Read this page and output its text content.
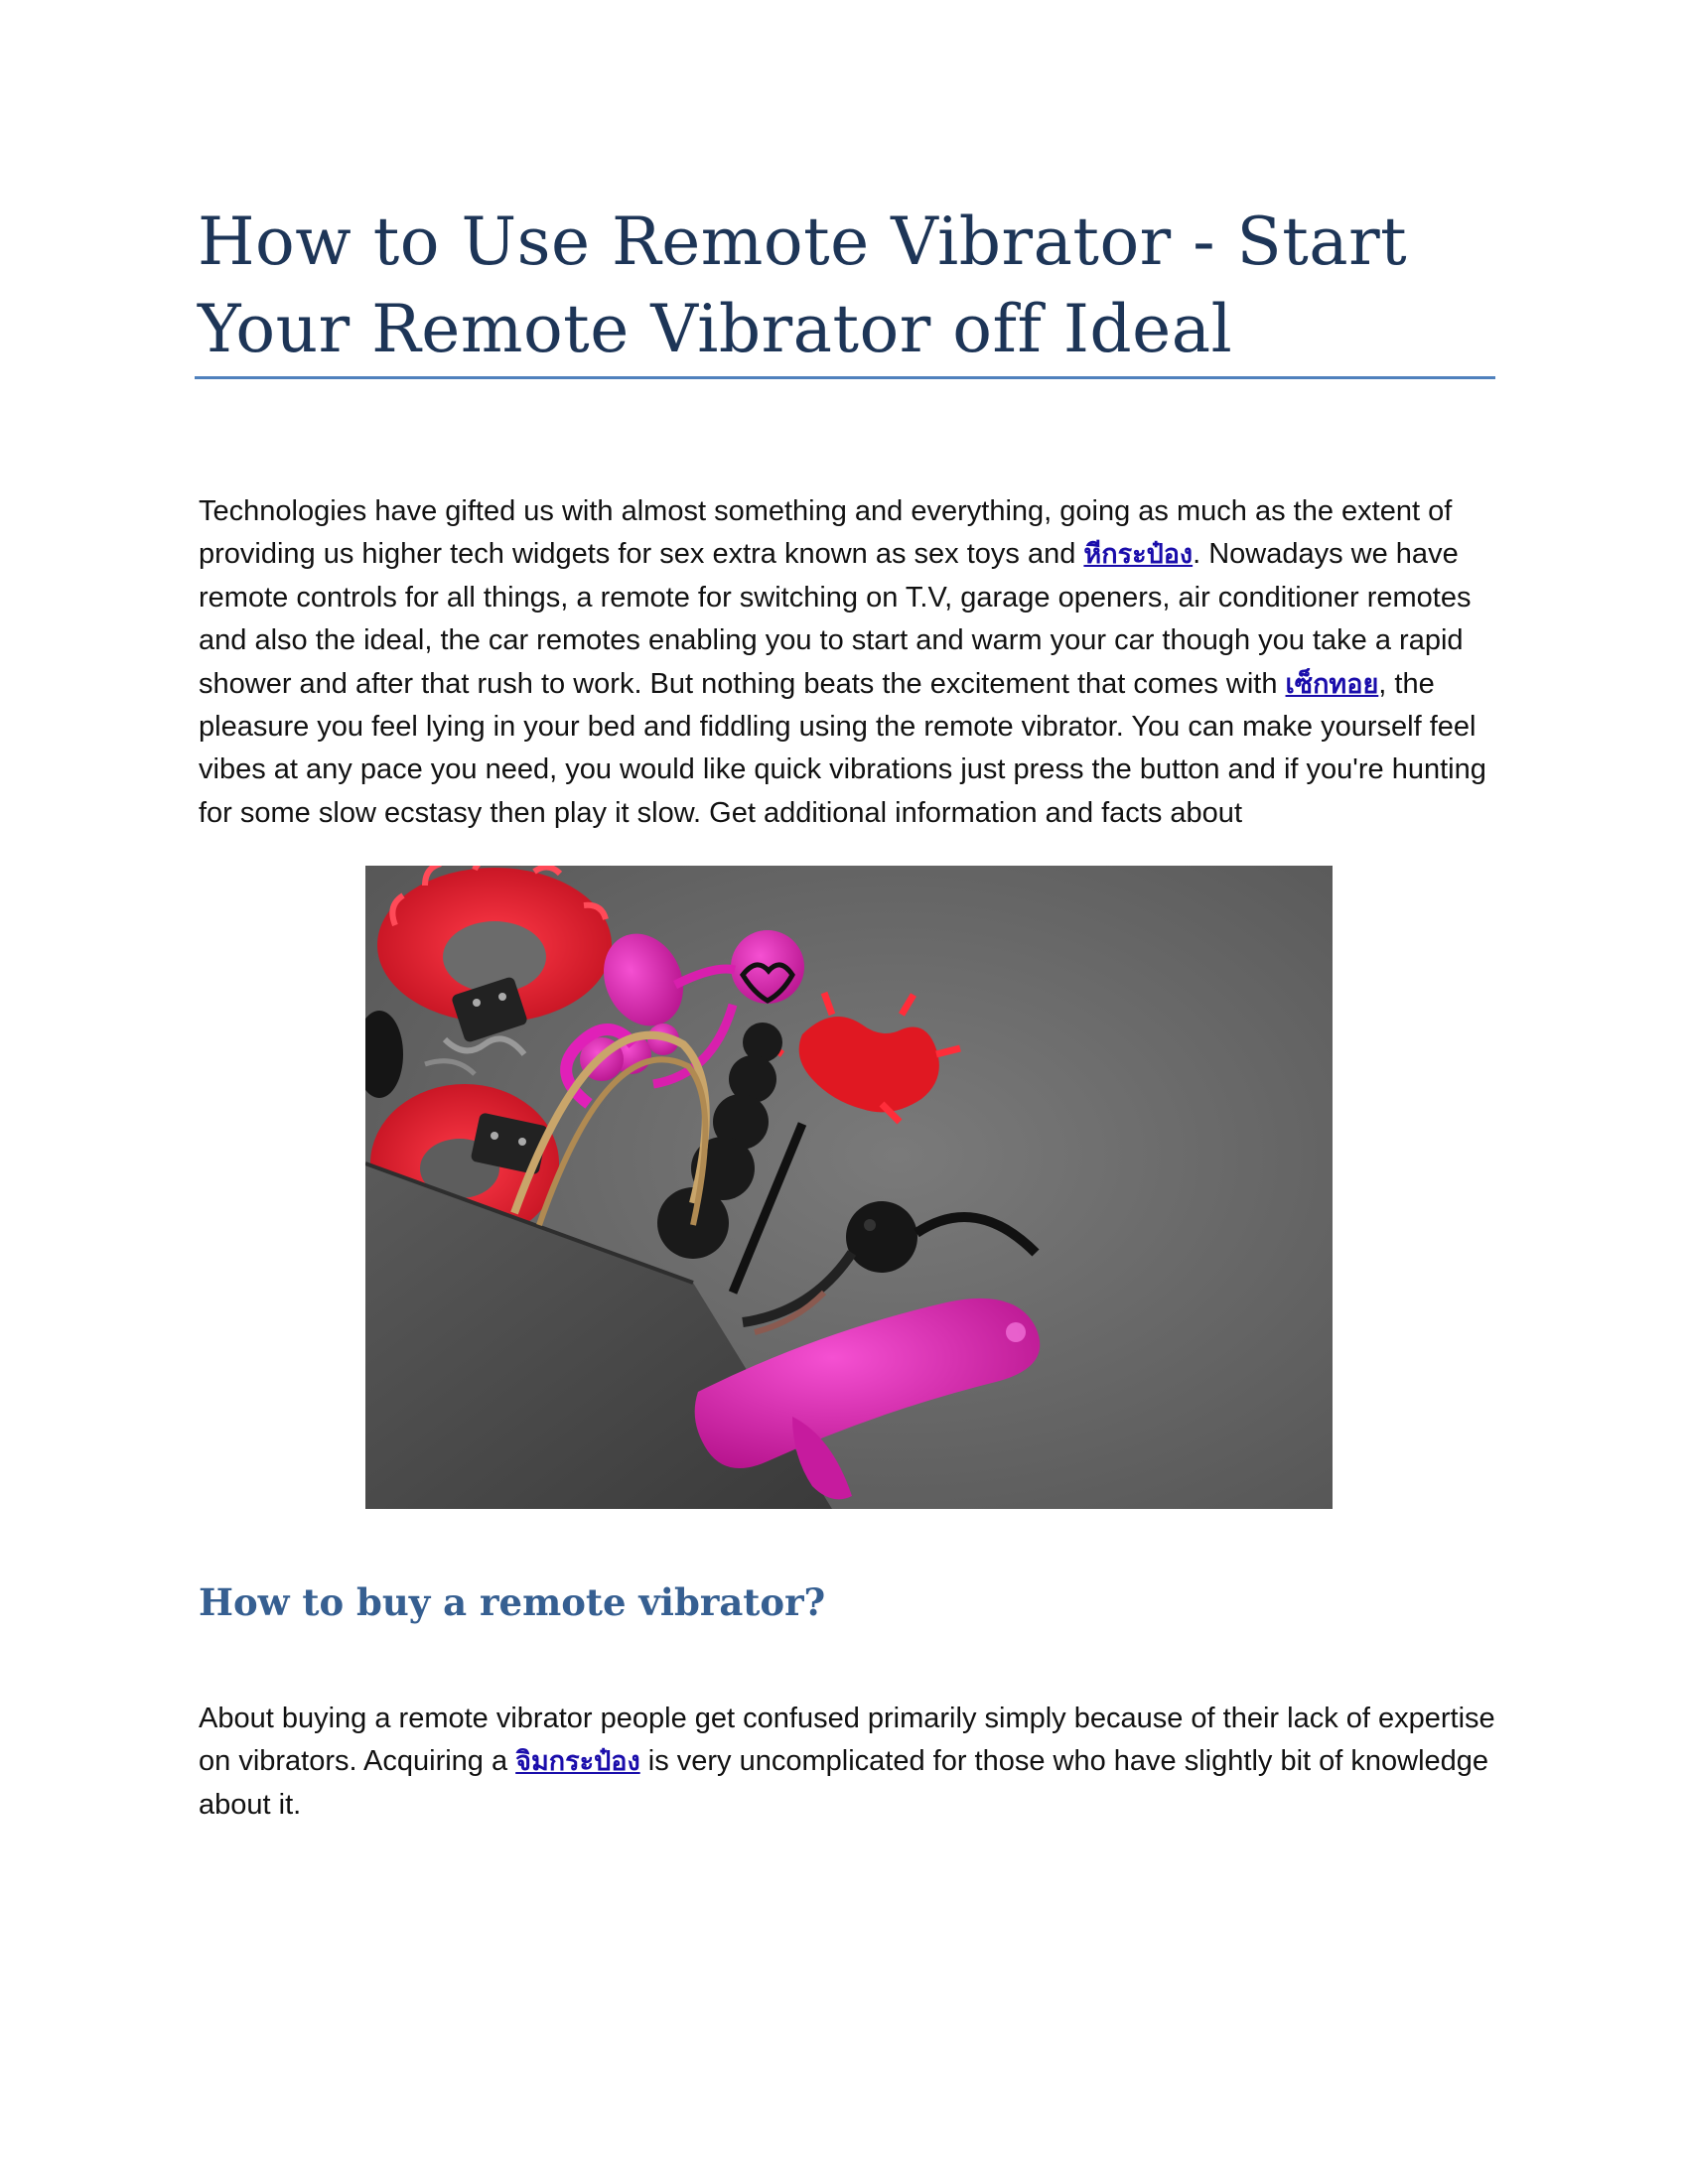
How to Use Remote Vibrator - Start Your Remote Vibrator off Ideal

Technologies have gifted us with almost something and everything, going as much as the extent of providing us higher tech widgets for sex extra known as sex toys and หีกระป๋อง. Nowadays we have remote controls for all things, a remote for switching on T.V, garage openers, air conditioner remotes and also the ideal, the car remotes enabling you to start and warm your car though you take a rapid shower and after that rush to work. But nothing beats the excitement that comes with เซ็กทอย, the pleasure you feel lying in your bed and fiddling using the remote vibrator. You can make yourself feel vibes at any pace you need, you would like quick vibrations just press the button and if you're hunting for some slow ecstasy then play it slow. Get additional information and facts about

How to buy a remote vibrator?

About buying a remote vibrator people get confused primarily simply because of their lack of expertise on vibrators. Acquiring a จิมกระป๋อง is very uncomplicated for those who have slightly bit of knowledge about it.
